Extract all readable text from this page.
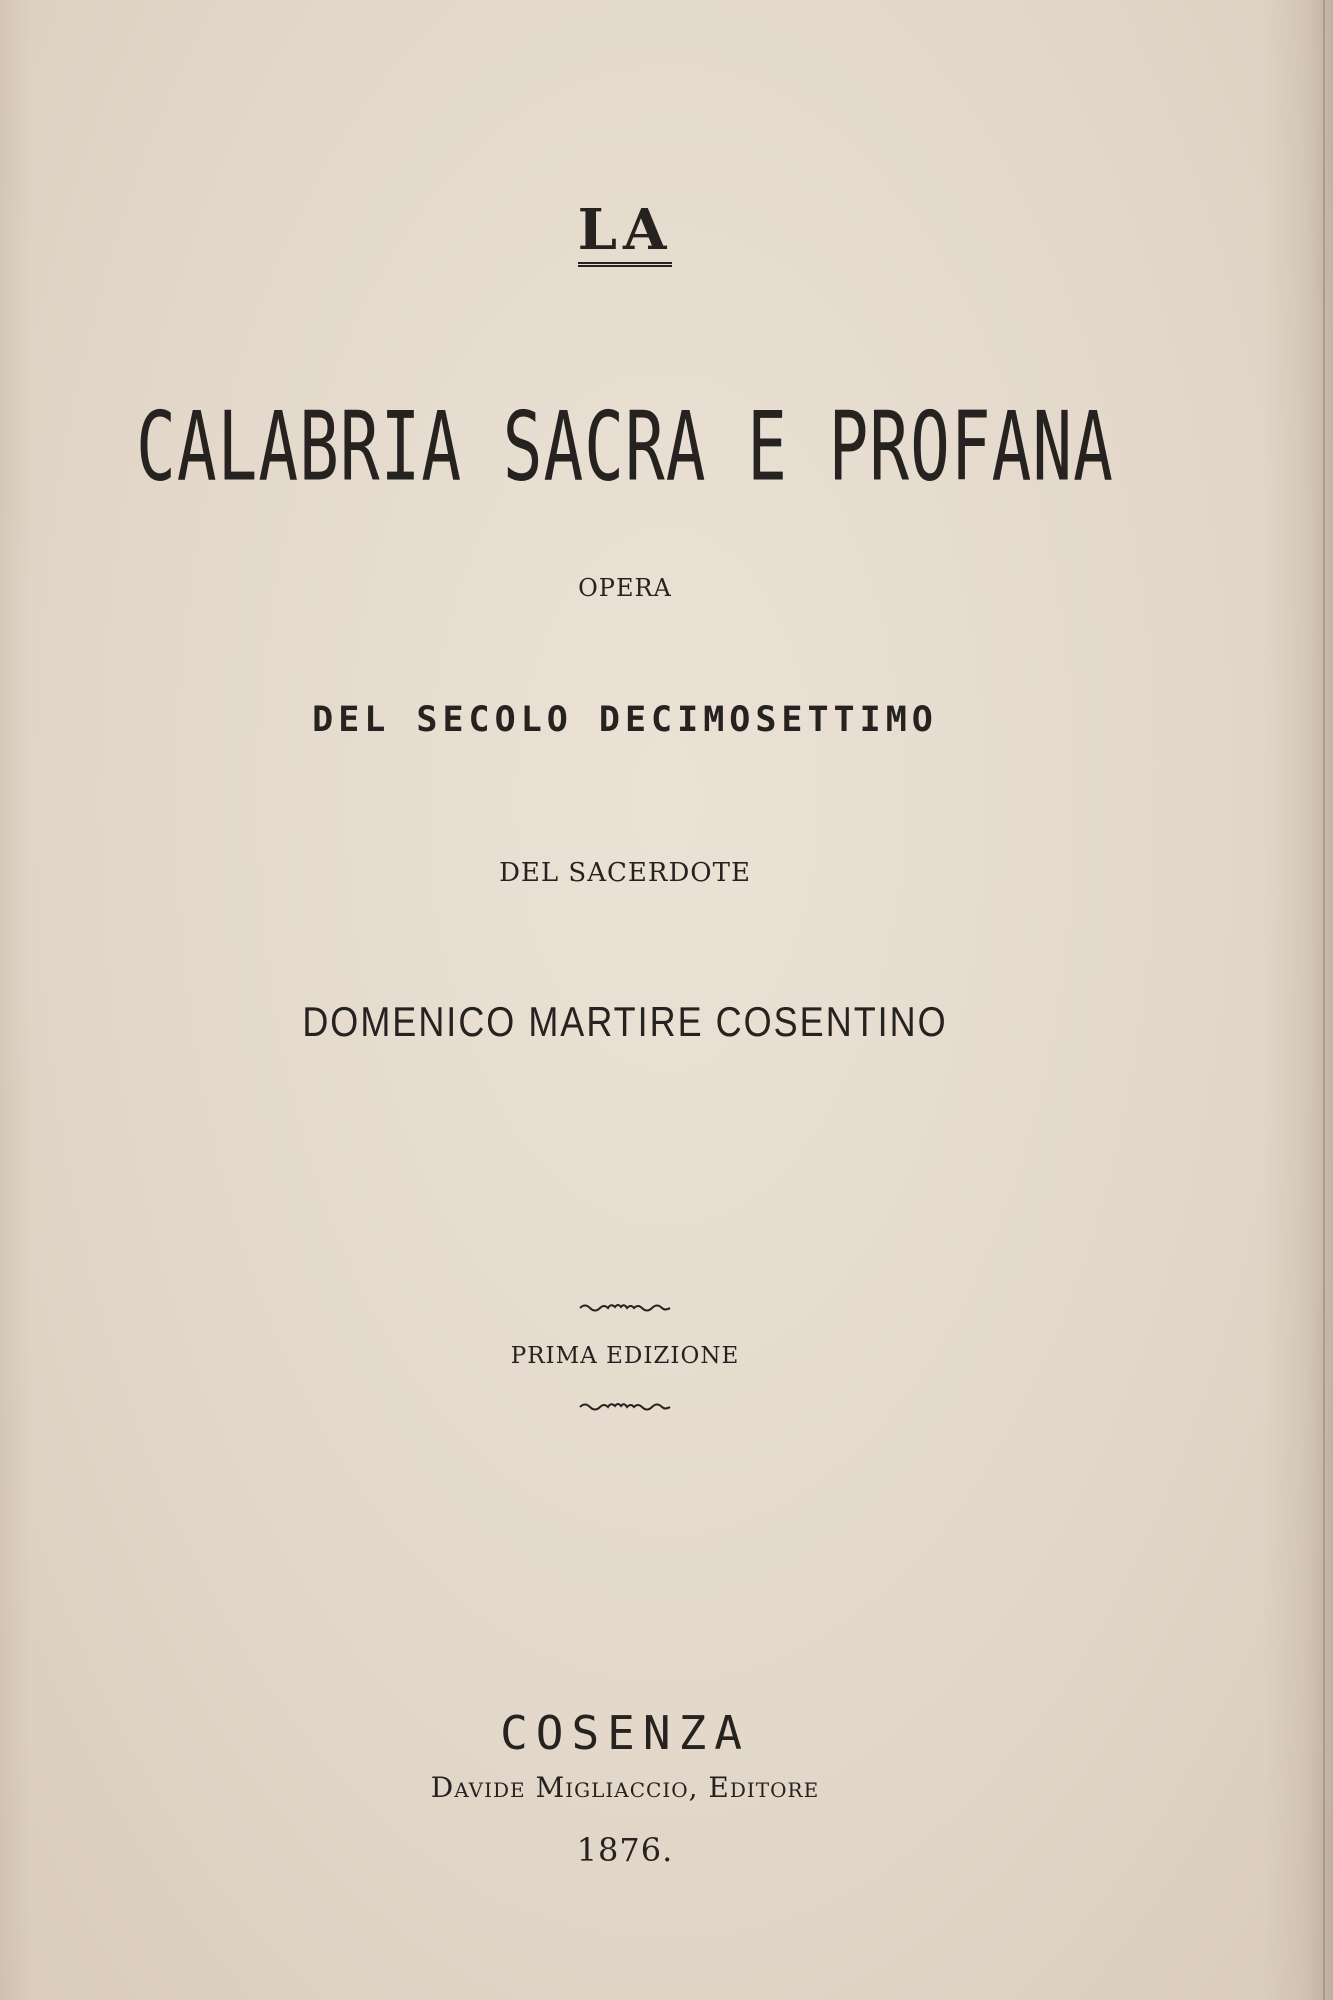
LA
CALABRIA SACRA E PROFANA
OPERA
DEL SECOLO DECIMOSETTIMO
DEL SACERDOTE
DOMENICO MARTIRE COSENTINO
PRIMA EDIZIONE
COSENZA
Davide Migliaccio, Editore
1876.
